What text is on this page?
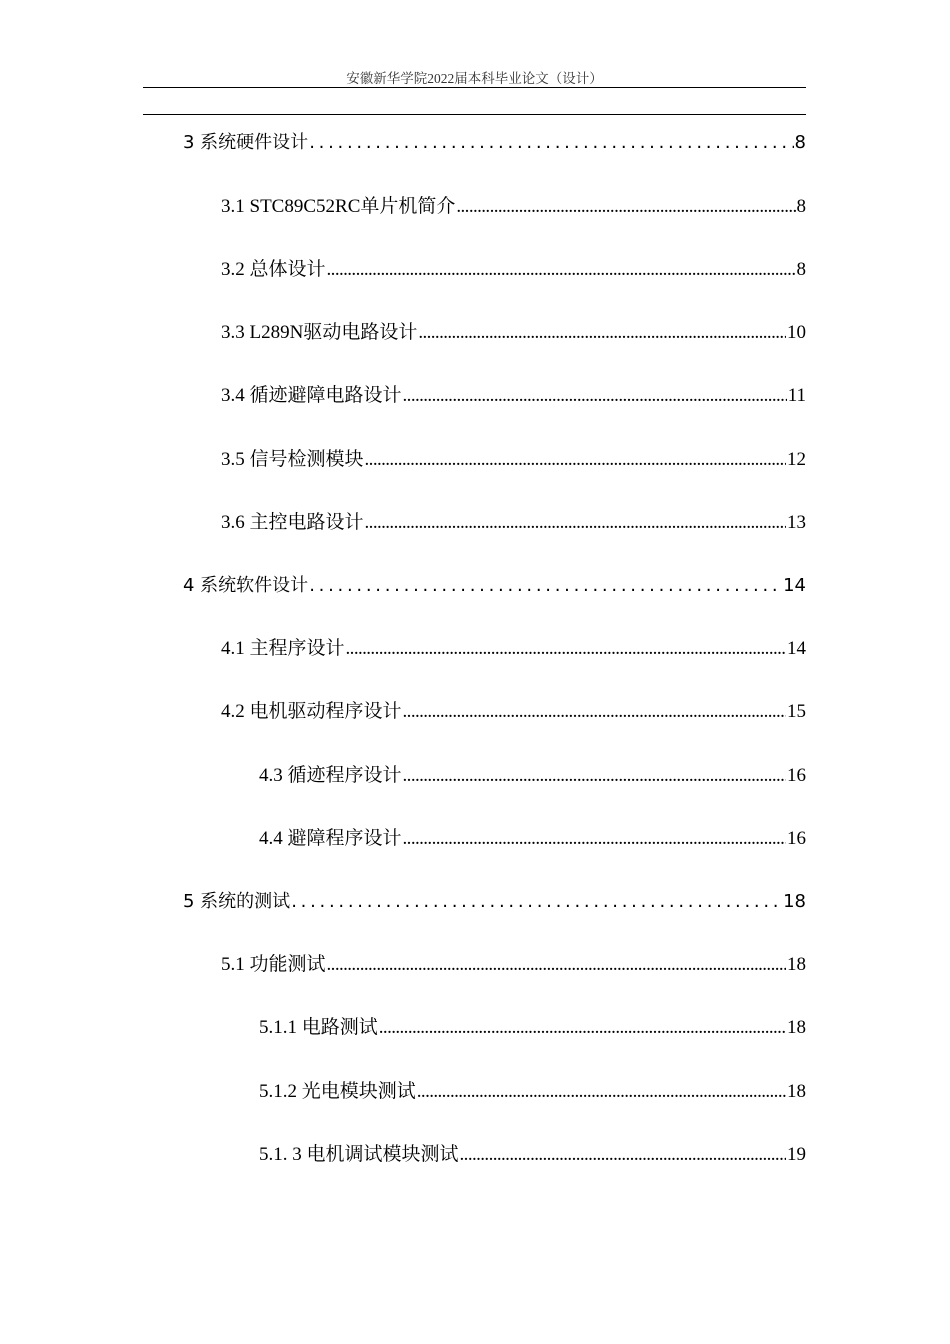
安徽新华学院2022届本科毕业论文（设计）
3 系统硬件设计 . .	8
3.1 STC89C52RC单片机简介 .....	8
3.2 总体设计 .....	8
3.3 L289N驱动电路设计 .....	10
3.4 循迹避障电路设计 .....	11
3.5 信号检测模块 .....	12
3.6 主控电路设计 .....	13
4 系统软件设计 . .	14
4.1 主程序设计 .....	14
4.2 电机驱动程序设计 .....	15
4.3 循迹程序设计 .....	16
4.4 避障程序设计 .....	16
5 系统的测试 . .	18
5.1 功能测试 .....	18
5.1.1 电路测试 .....	18
5.1.2 光电模块测试 .....	18
5.1. 3 电机调试模块测试 .....	19
